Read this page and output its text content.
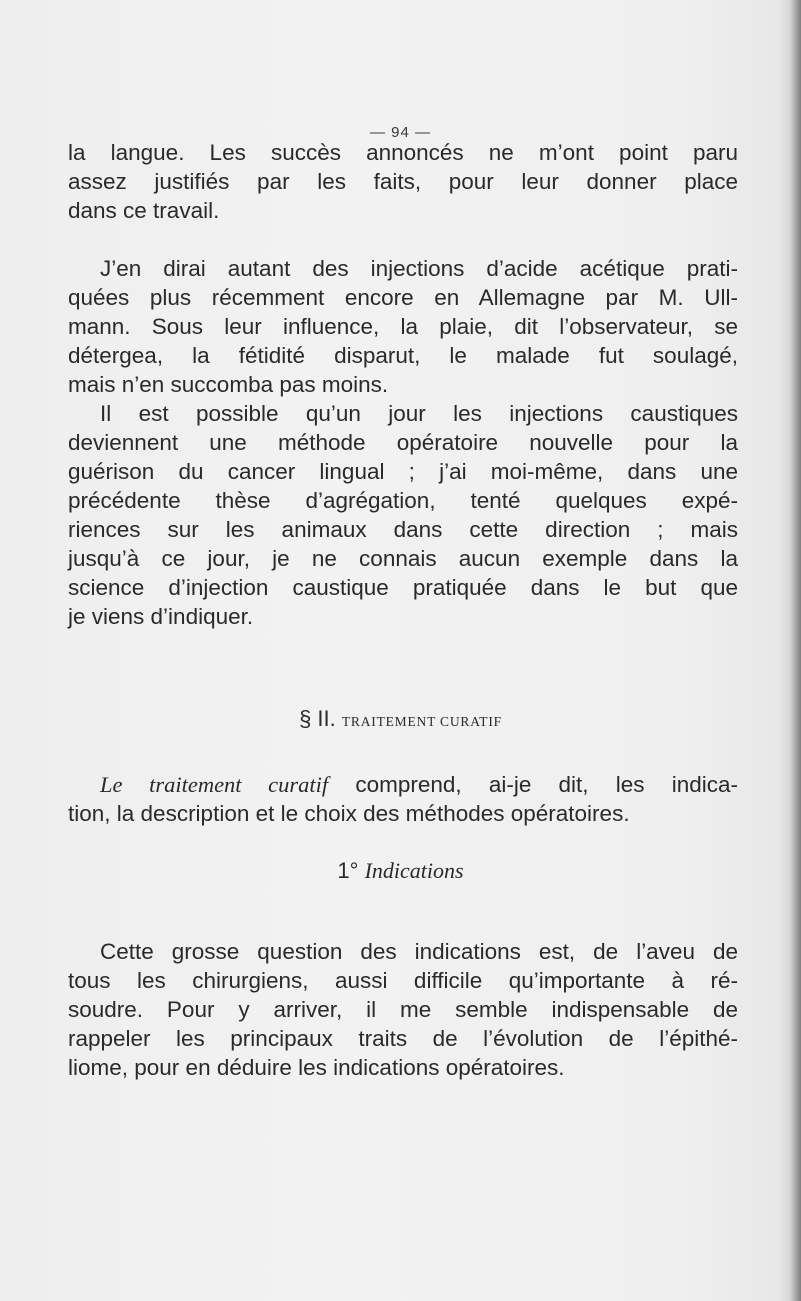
— 94 —
la langue. Les succès annoncés ne m’ont point paru
assez justifiés par les faits, pour leur donner place
dans ce travail.
J’en dirai autant des injections d’acide acétique prati-
quées plus récemment encore en Allemagne par M. Ull-
mann. Sous leur influence, la plaie, dit l’observateur, se
détergea, la fétidité disparut, le malade fut soulagé,
mais n’en succomba pas moins.
Il est possible qu’un jour les injections caustiques
deviennent une méthode opératoire nouvelle pour la
guérison du cancer lingual ; j’ai moi-même, dans une
précédente thèse d’agrégation, tenté quelques expé-
riences sur les animaux dans cette direction ; mais
jusqu’à ce jour, je ne connais aucun exemple dans la
science d’injection caustique pratiquée dans le but que
je viens d’indiquer.
§ II. TRAITEMENT CURATIF
Le traitement curatif comprend, ai-je dit, les indica-
tion, la description et le choix des méthodes opératoires.
1° Indications
Cette grosse question des indications est, de l’aveu de
tous les chirurgiens, aussi difficile qu’importante à ré-
soudre. Pour y arriver, il me semble indispensable de
rappeler les principaux traits de l’évolution de l’épithé-
liome, pour en déduire les indications opératoires.
